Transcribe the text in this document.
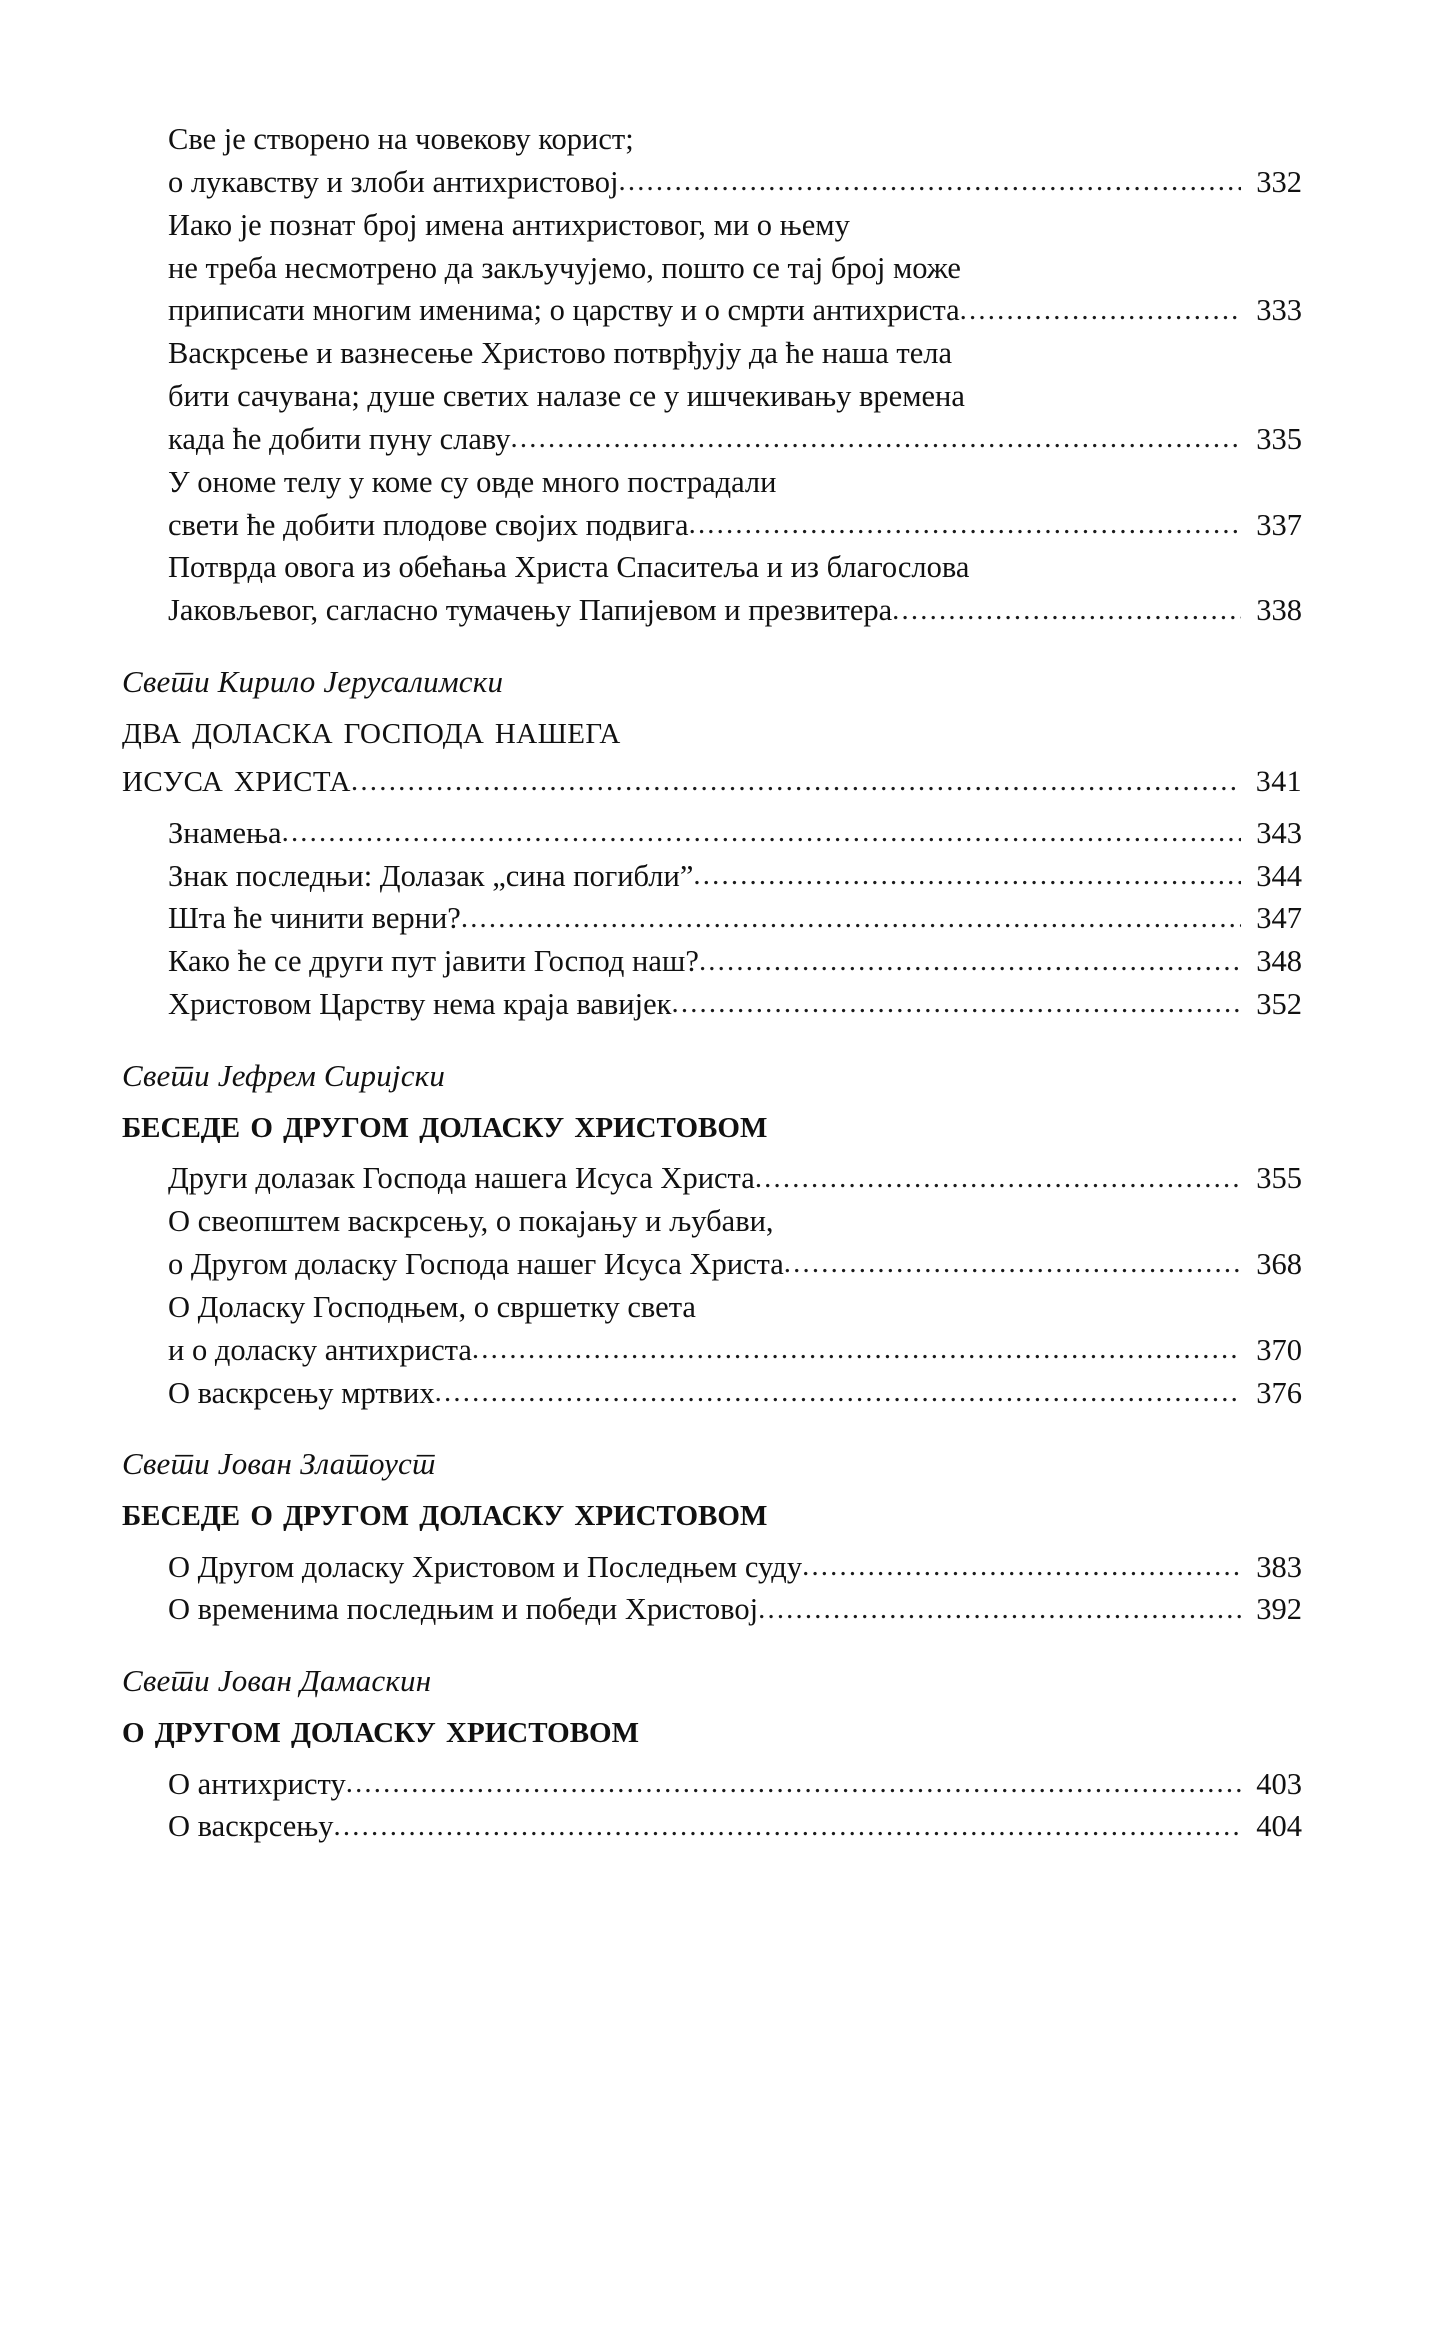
Све је створено на човекову корист;
о лукавству и злоби антихристовој .....	332
Иако је познат број имена антихристовог, ми о њему
не треба несмотрено да закључујемо, пошто се тај број може
приписати многим именима; о царству и о смрти антихриста .....	333
Васкрсење и вазнесење Христово потврђују да ће наша тела
бити сачувана; душе светих налазе се у ишчекивању времена
када ће добити пуну славу .....	335
У ономе телу у коме су овде много пострадали
свети ће добити плодове својих подвига .....	337
Потврда овога из обећања Христа Спаситеља и из благослова
Јаковљевог, сагласно тумачењу Папијевом и презвитера .....	338
Свети Кирило Јерусалимски
два доласка господа нашега
исуса христа .....	341
Знамења .....	343
Знак последњи: Долазак „сина погибли” .....	344
Шта ће чинити верни? .....	347
Како ће се други пут јавити Господ наш? .....	348
Христовом Царству нема краја вавијек .....	352
Свети Јефрем Сиријски
беседе о другом доласку христовом
Други долазак Господа нашега Исуса Христа .....	355
О свеопштем васкрсењу, о покајању и љубави,
о Другом доласку Господа нашег Исуса Христа .....	368
О Доласку Господњем, о свршетку света
и о доласку антихриста .....	370
О васкрсењу мртвих .....	376
Свети Јован Златоуст
беседе о другом доласку христовом
О Другом доласку Христовом и Последњем суду .....	383
О временима последњим и победи Христовој .....	392
Свети Јован Дамаскин
о другом доласку христовом
О антихристу .....	403
О васкрсењу .....	404
